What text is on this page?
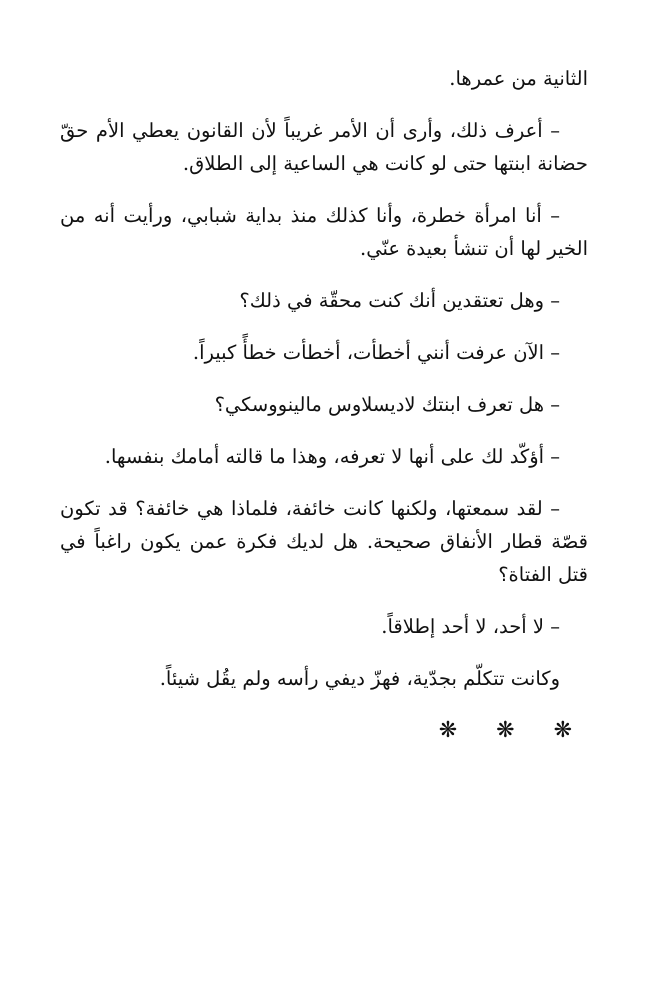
الثانية من عمرها.

– أعرف ذلك، وأرى أن الأمر غريباً لأن القانون يعطي الأم حقّ حضانة ابنتها حتى لو كانت هي الساعية إلى الطلاق.

– أنا امرأة خطرة، وأنا كذلك منذ بداية شبابي، ورأيت أنه من الخير لها أن تنشأ بعيدة عنّي.

– وهل تعتقدين أنك كنت محقّة في ذلك؟

– الآن عرفت أنني أخطأت، أخطأت خطأً كبيراً.

– هل تعرف ابنتك لاديسلاوس مالينووسكي؟

– أؤكّد لك على أنها لا تعرفه، وهذا ما قالته أمامك بنفسها.

– لقد سمعتها، ولكنها كانت خائفة، فلماذا هي خائفة؟ قد تكون قصّة قطار الأنفاق صحيحة. هل لديك فكرة عمن يكون راغباً في قتل الفتاة؟

– لا أحد، لا أحد إطلاقاً.

وكانت تتكلّم بجدّية، فهزّ ديفي رأسه ولم يقُل شيئاً.

❋ ❋ ❋
